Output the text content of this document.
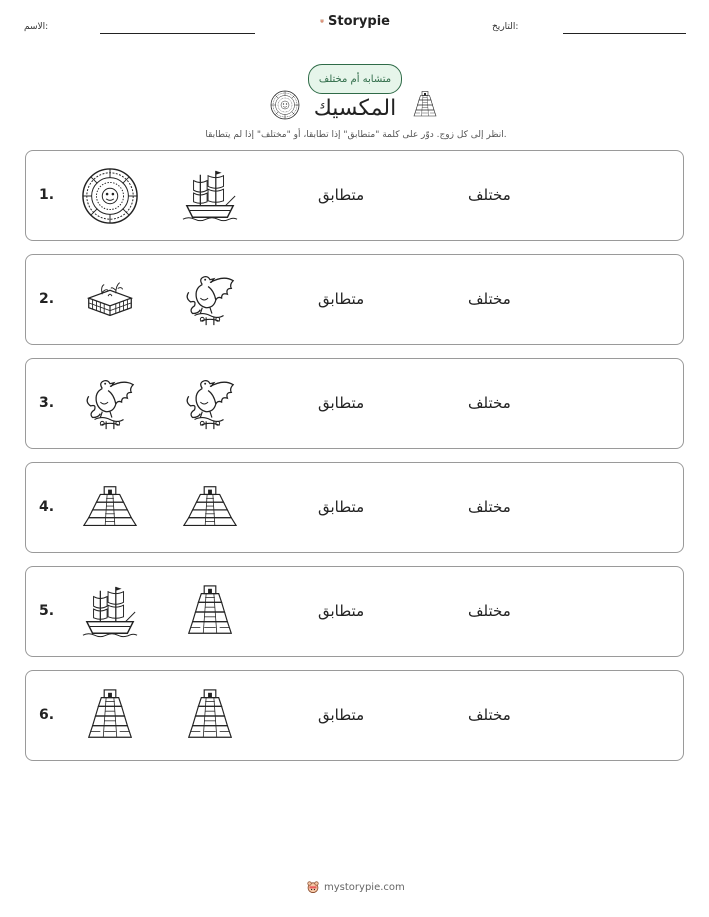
الاسم:	Storypie	التاريخ:
متشابه أم مختلف
المكسيك
انظر إلى كل زوج. دوّر على كلمة "متطابق" إذا تطابقا، أو "مختلف" إذا لم يتطابقا.
1.	متطابق	مختلف
2.	متطابق	مختلف
3.	متطابق	مختلف
4.	متطابق	مختلف
5.	متطابق	مختلف
6.	متطابق	مختلف
mystorypie.com
